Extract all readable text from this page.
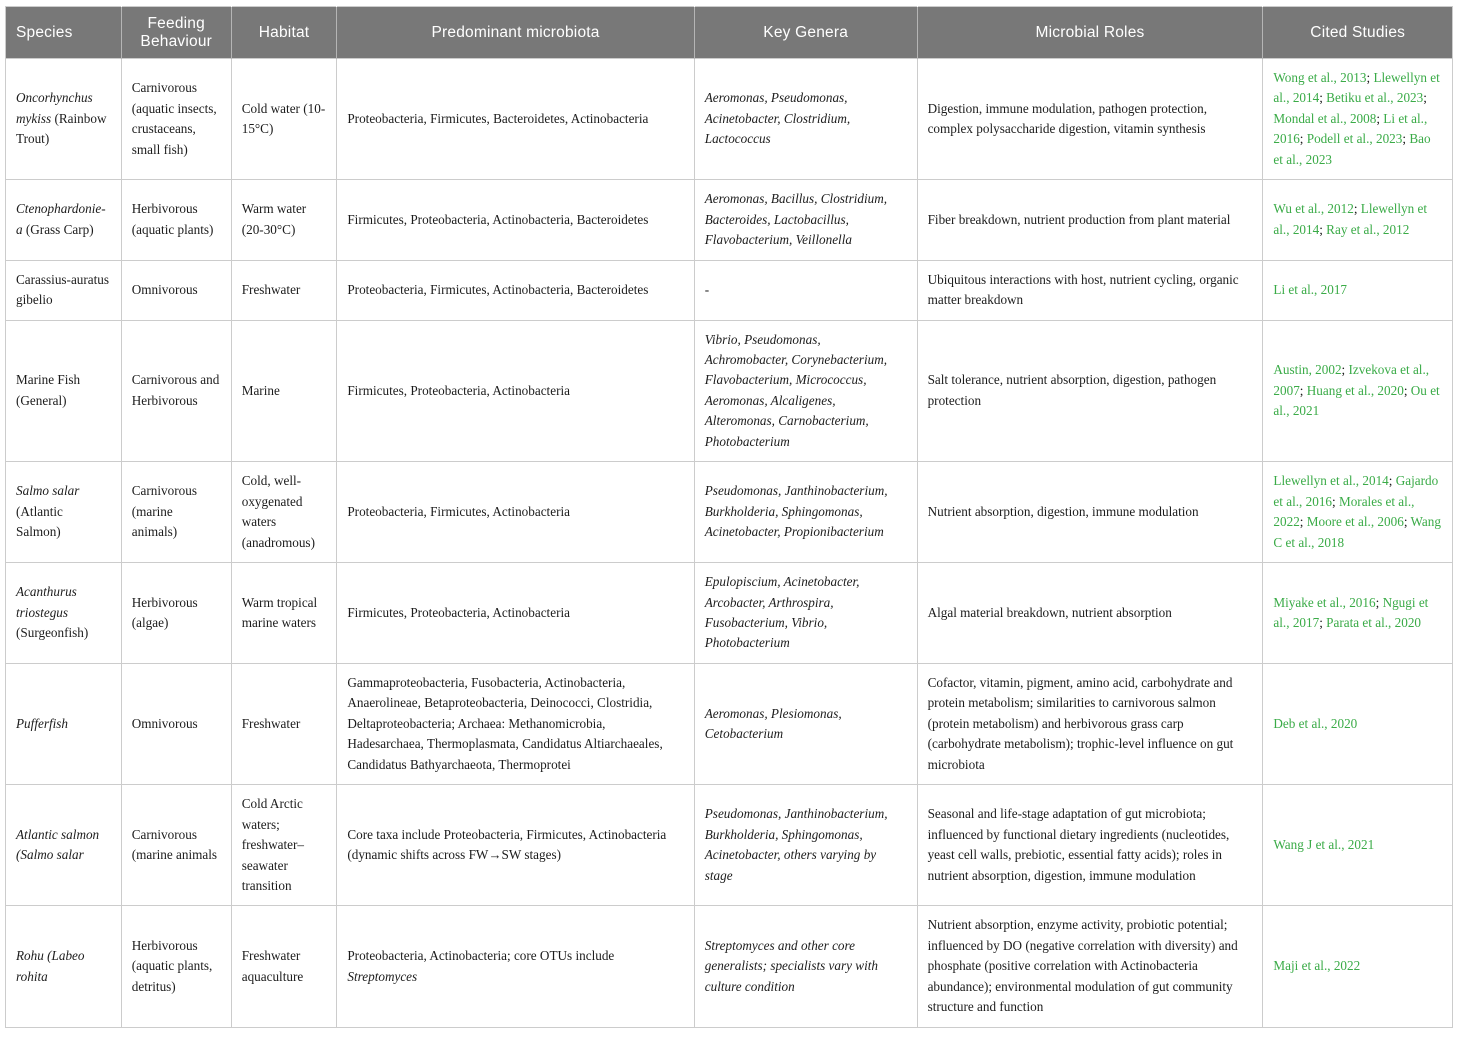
Species	Feeding Behaviour	Habitat	Predominant microbiota	Key Genera	Microbial Roles	Cited Studies
Oncorhynchus mykiss (Rainbow Trout)	Carnivorous (aquatic insects, crustaceans, small fish)	Cold water (10-15°C)	Proteobacteria, Firmicutes, Bacteroidetes, Actinobacteria	Aeromonas, Pseudomonas, Acinetobacter, Clostridium, Lactococcus	Digestion, immune modulation, pathogen protection, complex polysaccharide digestion, vitamin synthesis	Wong et al., 2013; Llewellyn et al., 2014; Betiku et al., 2023; Mondal et al., 2008; Li et al., 2016; Podell et al., 2023; Bao et al., 2023
Ctenophardonie-a (Grass Carp)	Herbivorous (aquatic plants)	Warm water (20-30°C)	Firmicutes, Proteobacteria, Actinobacteria, Bacteroidetes	Aeromonas, Bacillus, Clostridium, Bacteroides, Lactobacillus, Flavobacterium, Veillonella	Fiber breakdown, nutrient production from plant material	Wu et al., 2012; Llewellyn et al., 2014; Ray et al., 2012
Carassius-auratus gibelio	Omnivorous	Freshwater	Proteobacteria, Firmicutes, Actinobacteria, Bacteroidetes	-	Ubiquitous interactions with host, nutrient cycling, organic matter breakdown	Li et al., 2017
Marine Fish (General)	Carnivorous and Herbivorous	Marine	Firmicutes, Proteobacteria, Actinobacteria	Vibrio, Pseudomonas, Achromobacter, Corynebacterium, Flavobacterium, Micrococcus, Aeromonas, Alcaligenes, Alteromonas, Carnobacterium, Photobacterium	Salt tolerance, nutrient absorption, digestion, pathogen protection	Austin, 2002; Izvekova et al., 2007; Huang et al., 2020; Ou et al., 2021
Salmo salar (Atlantic Salmon)	Carnivorous (marine animals)	Cold, well-oxygenated waters (anadromous)	Proteobacteria, Firmicutes, Actinobacteria	Pseudomonas, Janthinobacterium, Burkholderia, Sphingomonas, Acinetobacter, Propionibacterium	Nutrient absorption, digestion, immune modulation	Llewellyn et al., 2014; Gajardo et al., 2016; Morales et al., 2022; Moore et al., 2006; Wang C et al., 2018
Acanthurus triostegus (Surgeonfish)	Herbivorous (algae)	Warm tropical marine waters	Firmicutes, Proteobacteria, Actinobacteria	Epulopiscium, Acinetobacter, Arcobacter, Arthrospira, Fusobacterium, Vibrio, Photobacterium	Algal material breakdown, nutrient absorption	Miyake et al., 2016; Ngugi et al., 2017; Parata et al., 2020
Pufferfish	Omnivorous	Freshwater	Gammaproteobacteria, Fusobacteria, Actinobacteria, Anaerolineae, Betaproteobacteria, Deinococci, Clostridia, Deltaproteobacteria; Archaea: Methanomicrobia, Hadesarchaea, Thermoplasmata, Candidatus Altiarchaeales, Candidatus Bathyarchaeota, Thermoprotei	Aeromonas, Plesiomonas, Cetobacterium	Cofactor, vitamin, pigment, amino acid, carbohydrate and protein metabolism; similarities to carnivorous salmon (protein metabolism) and herbivorous grass carp (carbohydrate metabolism); trophic-level influence on gut microbiota	Deb et al., 2020
Atlantic salmon (Salmo salar	Carnivorous (marine animals	Cold Arctic waters; freshwater–seawater transition	Core taxa include Proteobacteria, Firmicutes, Actinobacteria (dynamic shifts across FW→SW stages)	Pseudomonas, Janthinobacterium, Burkholderia, Sphingomonas, Acinetobacter, others varying by stage	Seasonal and life-stage adaptation of gut microbiota; influenced by functional dietary ingredients (nucleotides, yeast cell walls, prebiotic, essential fatty acids); roles in nutrient absorption, digestion, immune modulation	Wang J et al., 2021
Rohu (Labeo rohita	Herbivorous (aquatic plants, detritus)	Freshwater aquaculture	Proteobacteria, Actinobacteria; core OTUs include Streptomyces	Streptomyces and other core generalists; specialists vary with culture condition	Nutrient absorption, enzyme activity, probiotic potential; influenced by DO (negative correlation with diversity) and phosphate (positive correlation with Actinobacteria abundance); environmental modulation of gut community structure and function	Maji et al., 2022
